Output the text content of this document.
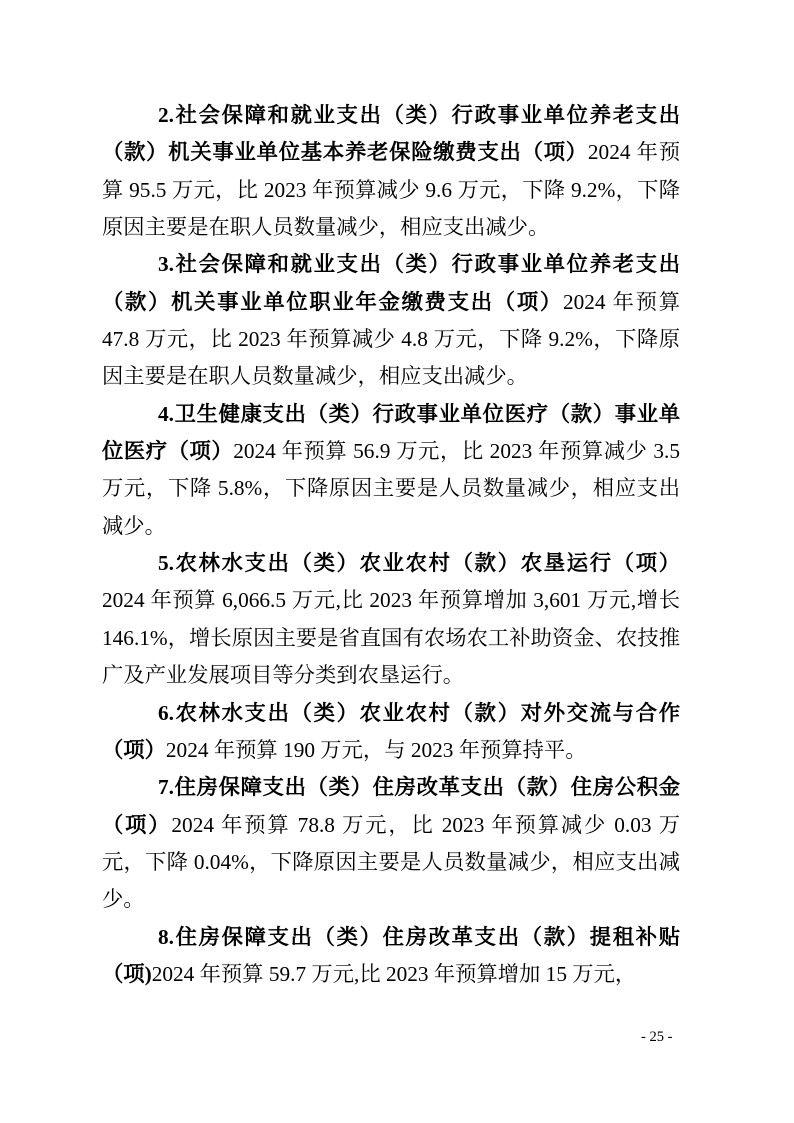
2.社会保障和就业支出（类）行政事业单位养老支出（款）机关事业单位基本养老保险缴费支出（项）2024 年预算 95.5 万元，比 2023 年预算减少 9.6 万元，下降 9.2%，下降原因主要是在职人员数量减少，相应支出减少。

3.社会保障和就业支出（类）行政事业单位养老支出（款）机关事业单位职业年金缴费支出（项）2024 年预算 47.8 万元，比 2023 年预算减少 4.8 万元，下降 9.2%，下降原因主要是在职人员数量减少，相应支出减少。

4.卫生健康支出（类）行政事业单位医疗（款）事业单位医疗（项）2024 年预算 56.9 万元，比 2023 年预算减少 3.5 万元，下降 5.8%，下降原因主要是人员数量减少，相应支出减少。

5.农林水支出（类）农业农村（款）农垦运行（项）2024 年预算 6,066.5 万元,比 2023 年预算增加 3,601 万元,增长 146.1%，增长原因主要是省直国有农场农工补助资金、农技推广及产业发展项目等分类到农垦运行。

6.农林水支出（类）农业农村（款）对外交流与合作（项）2024 年预算 190 万元，与 2023 年预算持平。

7.住房保障支出（类）住房改革支出（款）住房公积金（项）2024 年预算 78.8 万元，比 2023 年预算减少 0.03 万元，下降 0.04%，下降原因主要是人员数量减少，相应支出减少。

8.住房保障支出（类）住房改革支出（款）提租补贴（项)2024 年预算 59.7 万元,比 2023 年预算增加 15 万元，

- 25 -
